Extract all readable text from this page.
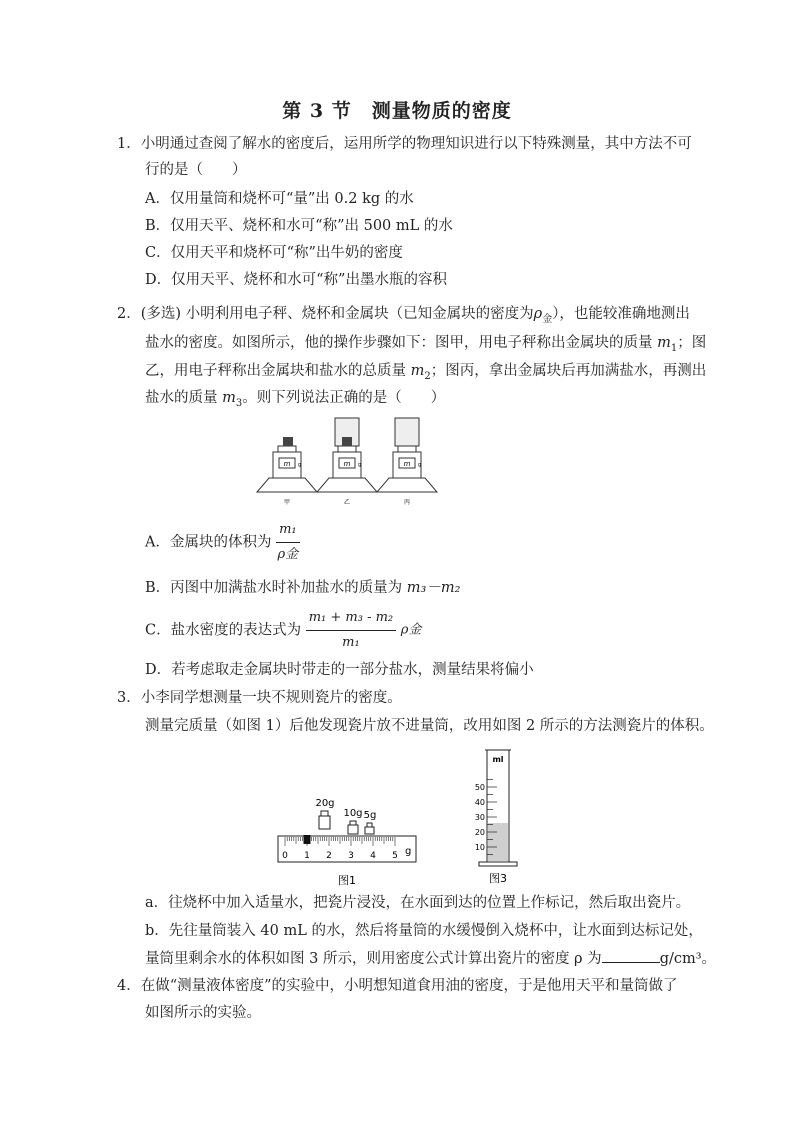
第 3 节　测量物质的密度
1．小明通过查阅了解水的密度后，运用所学的物理知识进行以下特殊测量，其中方法不可
行的是（　　）
A．仅用量筒和烧杯可“量”出 0.2 kg 的水
B．仅用天平、烧杯和水可“称”出 500 mL 的水
C．仅用天平和烧杯可“称”出牛奶的密度
D．仅用天平、烧杯和水可“称”出墨水瓶的容积
2．(多选) 小明利用电子秤、烧杯和金属块（已知金属块的密度为$\rho_金$），也能较准确地测出
盐水的密度。如图所示，他的操作步骤如下：图甲，用电子秤称出金属块的质量 $m_1$；图
乙，用电子秤称出金属块和盐水的总质量 $m_2$；图丙，拿出金属块后再加满盐水，再测出
盐水的质量 $m_3$。则下列说法正确的是（　　）
m g
甲
m g
乙
m g
丙
A．金属块的体积为 $\frac{\text{m₁}}{\text{ρ金}}$
B．丙图中加满盐水时补加盐水的质量为 m₃－m₂
C．盐水密度的表达式为 $\frac{\text{m₁ + m₃ - m₂}}{\text{m₁}}$ ρ金
D．若考虑取走金属块时带走的一部分盐水，测量结果将偏小
3．小李同学想测量一块不规则瓷片的密度。
测量完质量（如图 1）后他发现瓷片放不进量筒，改用如图 2 所示的方法测瓷片的体积。
20g
10g 5g
0 1 2 3 4 5 g
图1
ml
50
40
30
20
10
图3
a．往烧杯中加入适量水，把瓷片浸没，在水面到达的位置上作标记，然后取出瓷片。
b．先往量筒装入 40 mL 的水，然后将量筒的水缓慢倒入烧杯中，让水面到达标记处，
量筒里剩余水的体积如图 3 所示，则用密度公式计算出瓷片的密度 ρ 为	g/cm³。
4．在做“测量液体密度”的实验中，小明想知道食用油的密度，于是他用天平和量筒做了
如图所示的实验。
